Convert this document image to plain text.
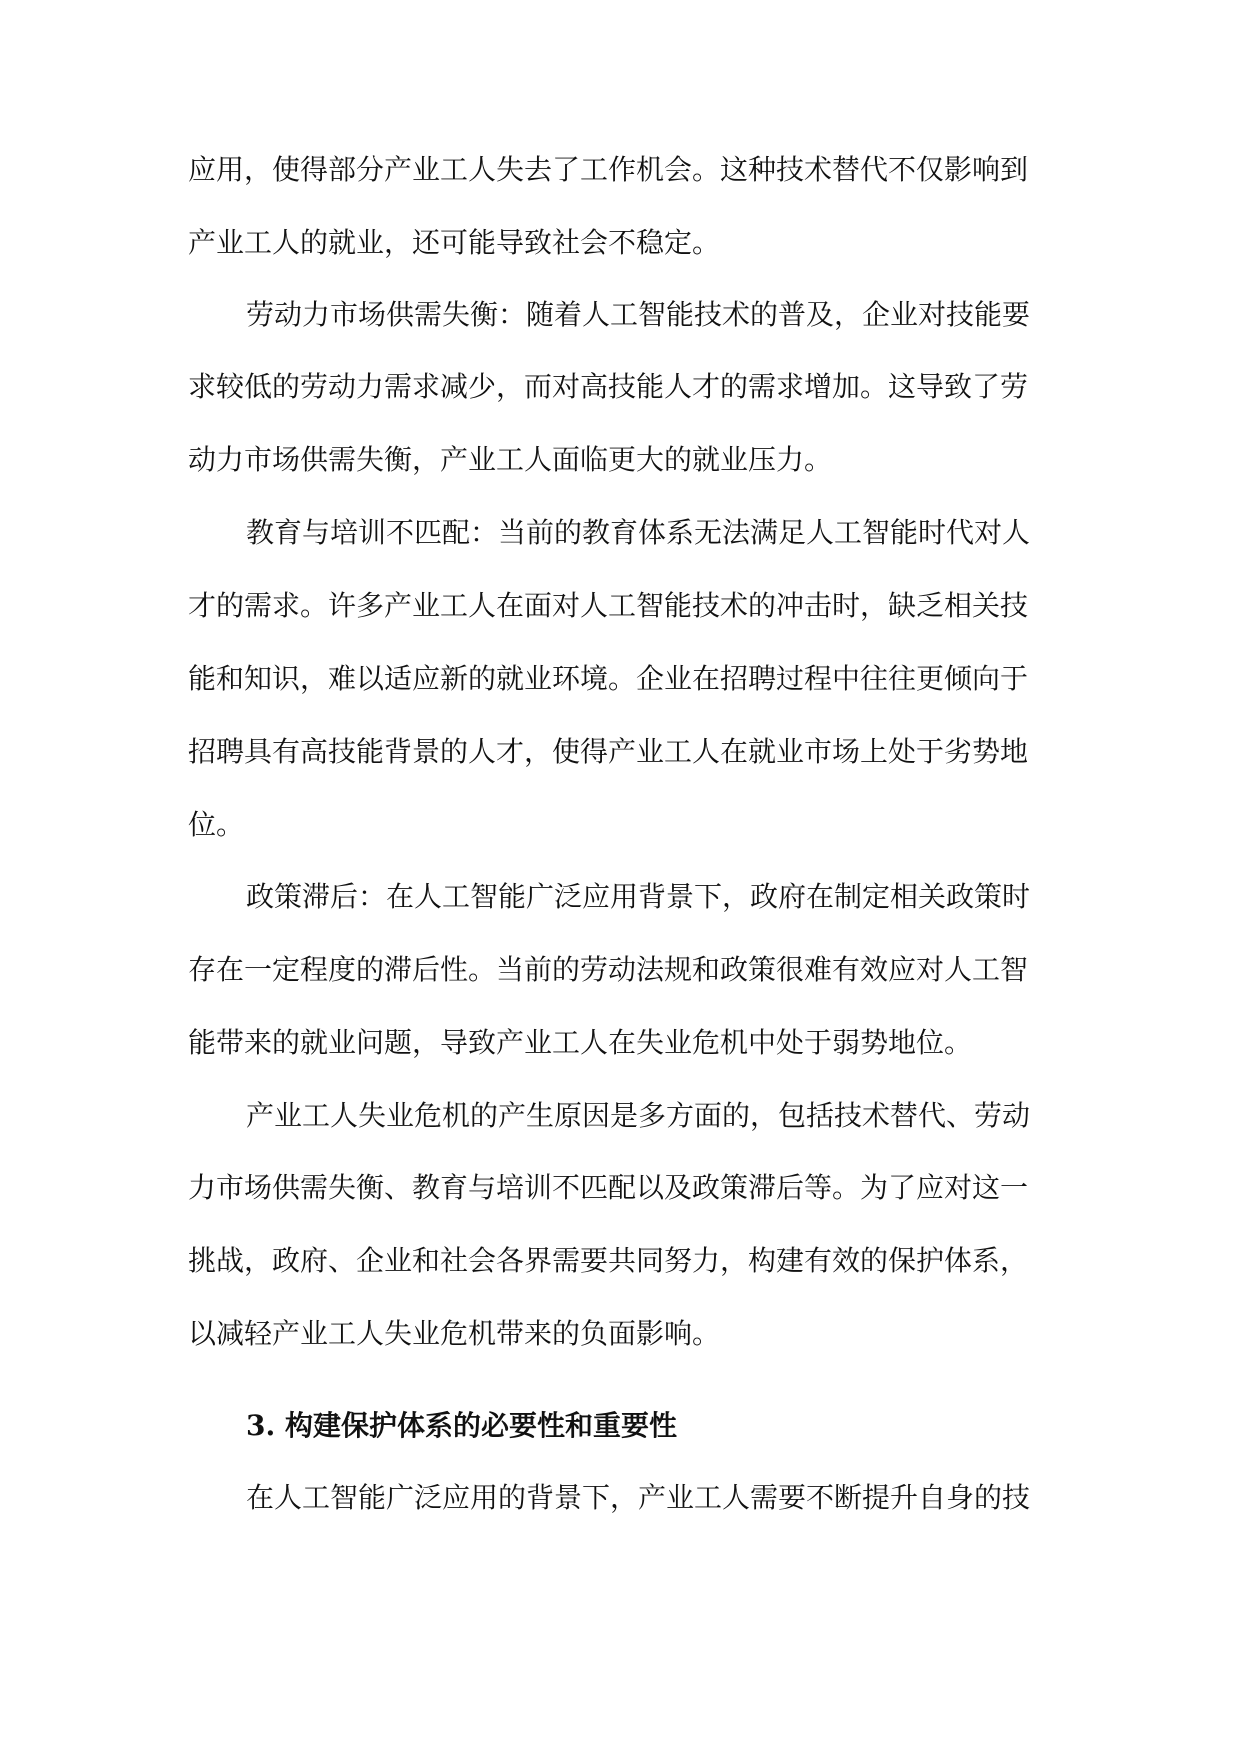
应用，使得部分产业工人失去了工作机会。这种技术替代不仅影响到
产业工人的就业，还可能导致社会不稳定。
劳动力市场供需失衡：随着人工智能技术的普及，企业对技能要
求较低的劳动力需求减少，而对高技能人才的需求增加。这导致了劳
动力市场供需失衡，产业工人面临更大的就业压力。
教育与培训不匹配：当前的教育体系无法满足人工智能时代对人
才的需求。许多产业工人在面对人工智能技术的冲击时，缺乏相关技
能和知识，难以适应新的就业环境。企业在招聘过程中往往更倾向于
招聘具有高技能背景的人才，使得产业工人在就业市场上处于劣势地
位。
政策滞后：在人工智能广泛应用背景下，政府在制定相关政策时
存在一定程度的滞后性。当前的劳动法规和政策很难有效应对人工智
能带来的就业问题，导致产业工人在失业危机中处于弱势地位。
产业工人失业危机的产生原因是多方面的，包括技术替代、劳动
力市场供需失衡、教育与培训不匹配以及政策滞后等。为了应对这一
挑战，政府、企业和社会各界需要共同努力，构建有效的保护体系，
以减轻产业工人失业危机带来的负面影响。
3. 构建保护体系的必要性和重要性
在人工智能广泛应用的背景下，产业工人需要不断提升自身的技
